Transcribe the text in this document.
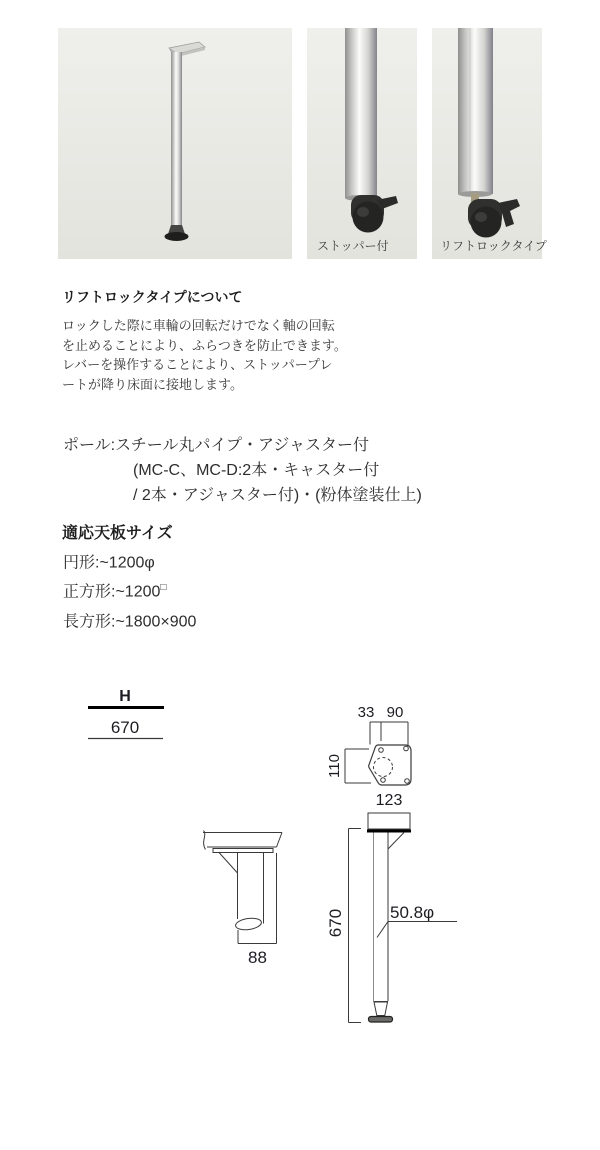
ストッパー付	リフトロックタイプ
リフトロックタイプについて
ロックした際に車輪の回転だけでなく軸の回転
を止めることにより、ふらつきを防止できます。
レバーを操作することにより、ストッパープレ
ートが降り床面に接地します。
ポール:スチール丸パイプ・アジャスター付
(MC-C、MC-D:2本・キャスター付
/ 2本・アジャスター付)・(粉体塗装仕上)
適応天板サイズ
円形:~1200φ
正方形:~1200□
長方形:~1800×900
H
670
33 90
110
123
670	50.8φ
88
